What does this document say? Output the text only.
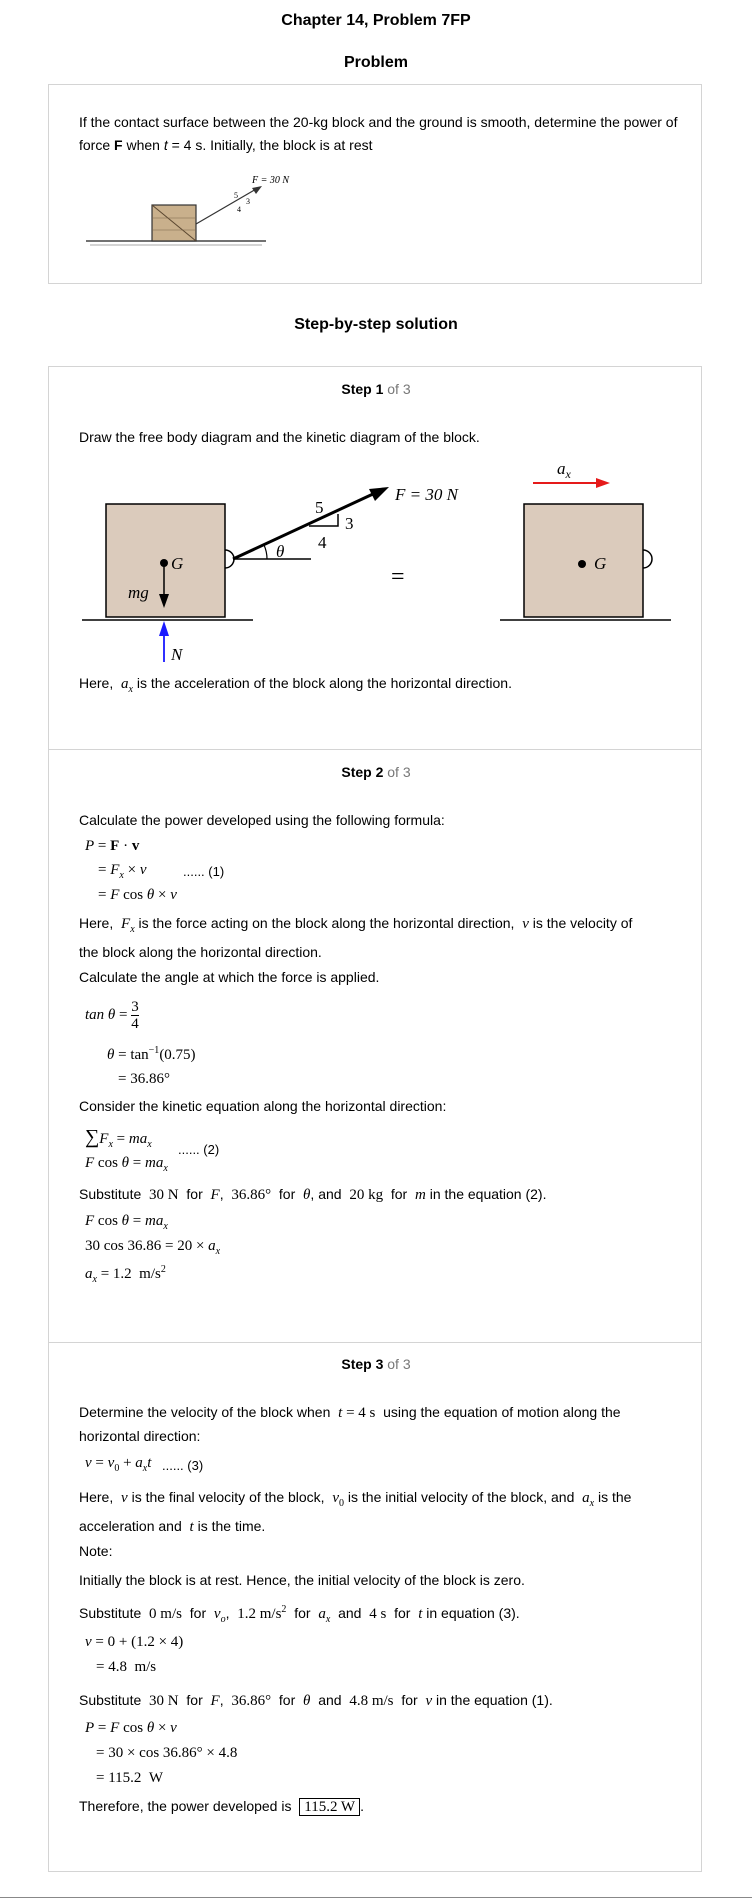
Chapter 14, Problem 7FP
Problem
If the contact surface between the 20-kg block and the ground is smooth, determine the power of force F when t = 4 s. Initially, the block is at rest
F = 30 N
5
3
4
Step-by-step solution
Step 1 of 3
Draw the free body diagram and the kinetic diagram of the block.
G
mg
N
θ
F = 30 N
5
3
4
=
G
$a_x$
Here, $a_x$ is the acceleration of the block along the horizontal direction.
Step 2 of 3
Calculate the power developed using the following formula:
P = F · v
= $F_x \times v$	...... (1)
= F cos θ × v
Here, $F_x$ is the force acting on the block along the horizontal direction, v is the velocity of
the block along the horizontal direction.
Calculate the angle at which the force is applied.
$\tan \theta = \frac{3}{4}$
$\theta = \tan^{-1}(0.75)$
= 36.86°
Consider the kinetic equation along the horizontal direction:
$\sum F_x = ma_x$ ...... (2)
F $\cos \theta = ma_x$
Substitute 30 N for F,  36.86° for θ, and 20 kg for m in the equation (2).
F $\cos \theta = ma_x$
30 $\cos 36.86 = 20 \times a_x$
$a_x = 1.2$  $m/s^2$
Step 3 of 3
Determine the velocity of the block when t = 4 s using the equation of motion along the
horizontal direction:
$v = v_0 + a_xt$ ...... (3)
Here, v is the final velocity of the block, $v_0$ is the initial velocity of the block, and $a_x$ is the
acceleration and t is the time.
Note:
Initially the block is at rest. Hence, the initial velocity of the block is zero.
Substitute 0 m/s for $v_o$,  1.2 $m/s^2$ for $a_x$ and 4 s for t in equation (3).
v = 0 + (1.2 × 4)
= 4.8  m/s
Substitute 30 N for F,  36.86° for θ and 4.8 m/s for v in the equation (1).
P = F cos θ × v
= 30 × cos 36.86° × 4.8
= 115.2  W
Therefore, the power developed is 115.2 W .
